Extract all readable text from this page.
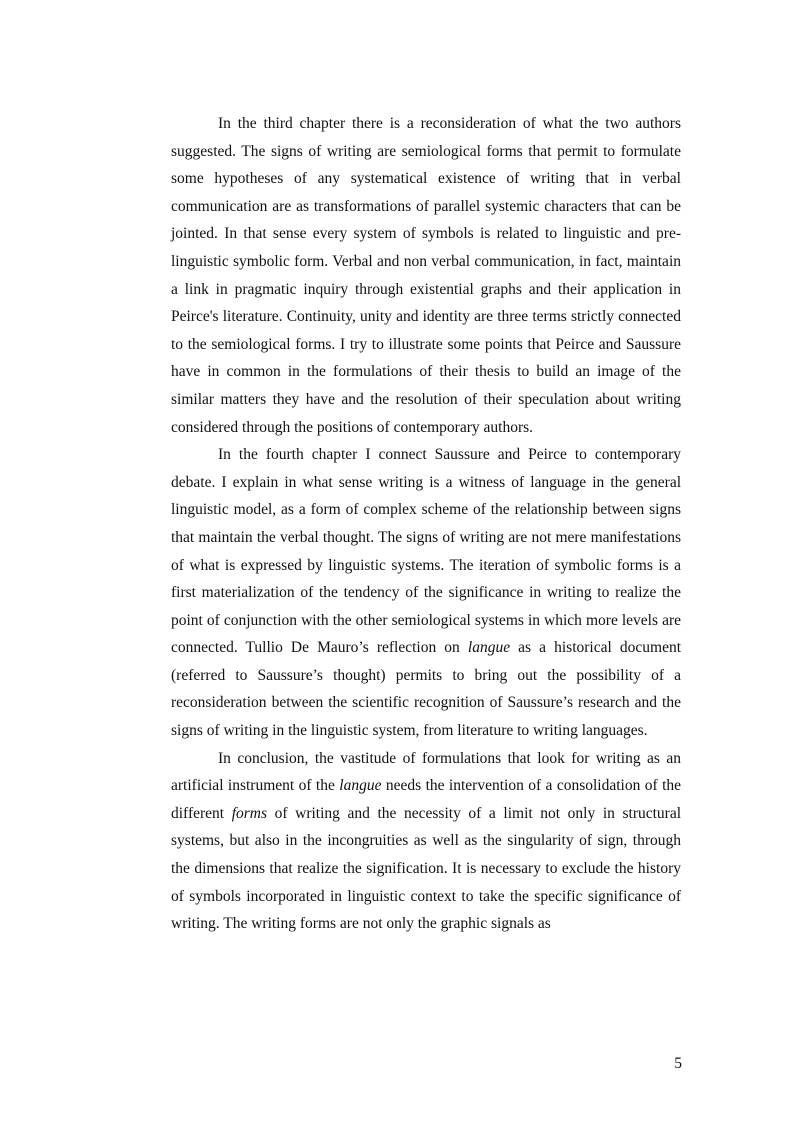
In the third chapter there is a reconsideration of what the two authors suggested. The signs of writing are semiological forms that permit to formulate some hypotheses of any systematical existence of writing that in verbal communication are as transformations of parallel systemic characters that can be jointed. In that sense every system of symbols is related to linguistic and pre-linguistic symbolic form. Verbal and non verbal communication, in fact, maintain a link in pragmatic inquiry through existential graphs and their application in Peirce's literature. Continuity, unity and identity are three terms strictly connected to the semiological forms. I try to illustrate some points that Peirce and Saussure have in common in the formulations of their thesis to build an image of the similar matters they have and the resolution of their speculation about writing considered through the positions of contemporary authors.

In the fourth chapter I connect Saussure and Peirce to contemporary debate. I explain in what sense writing is a witness of language in the general linguistic model, as a form of complex scheme of the relationship between signs that maintain the verbal thought. The signs of writing are not mere manifestations of what is expressed by linguistic systems. The iteration of symbolic forms is a first materialization of the tendency of the significance in writing to realize the point of conjunction with the other semiological systems in which more levels are connected. Tullio De Mauro’s reflection on langue as a historical document (referred to Saussure’s thought) permits to bring out the possibility of a reconsideration between the scientific recognition of Saussure’s research and the signs of writing in the linguistic system, from literature to writing languages.

In conclusion, the vastitude of formulations that look for writing as an artificial instrument of the langue needs the intervention of a consolidation of the different forms of writing and the necessity of a limit not only in structural systems, but also in the incongruities as well as the singularity of sign, through the dimensions that realize the signification. It is necessary to exclude the history of symbols incorporated in linguistic context to take the specific significance of writing. The writing forms are not only the graphic signals as

5
